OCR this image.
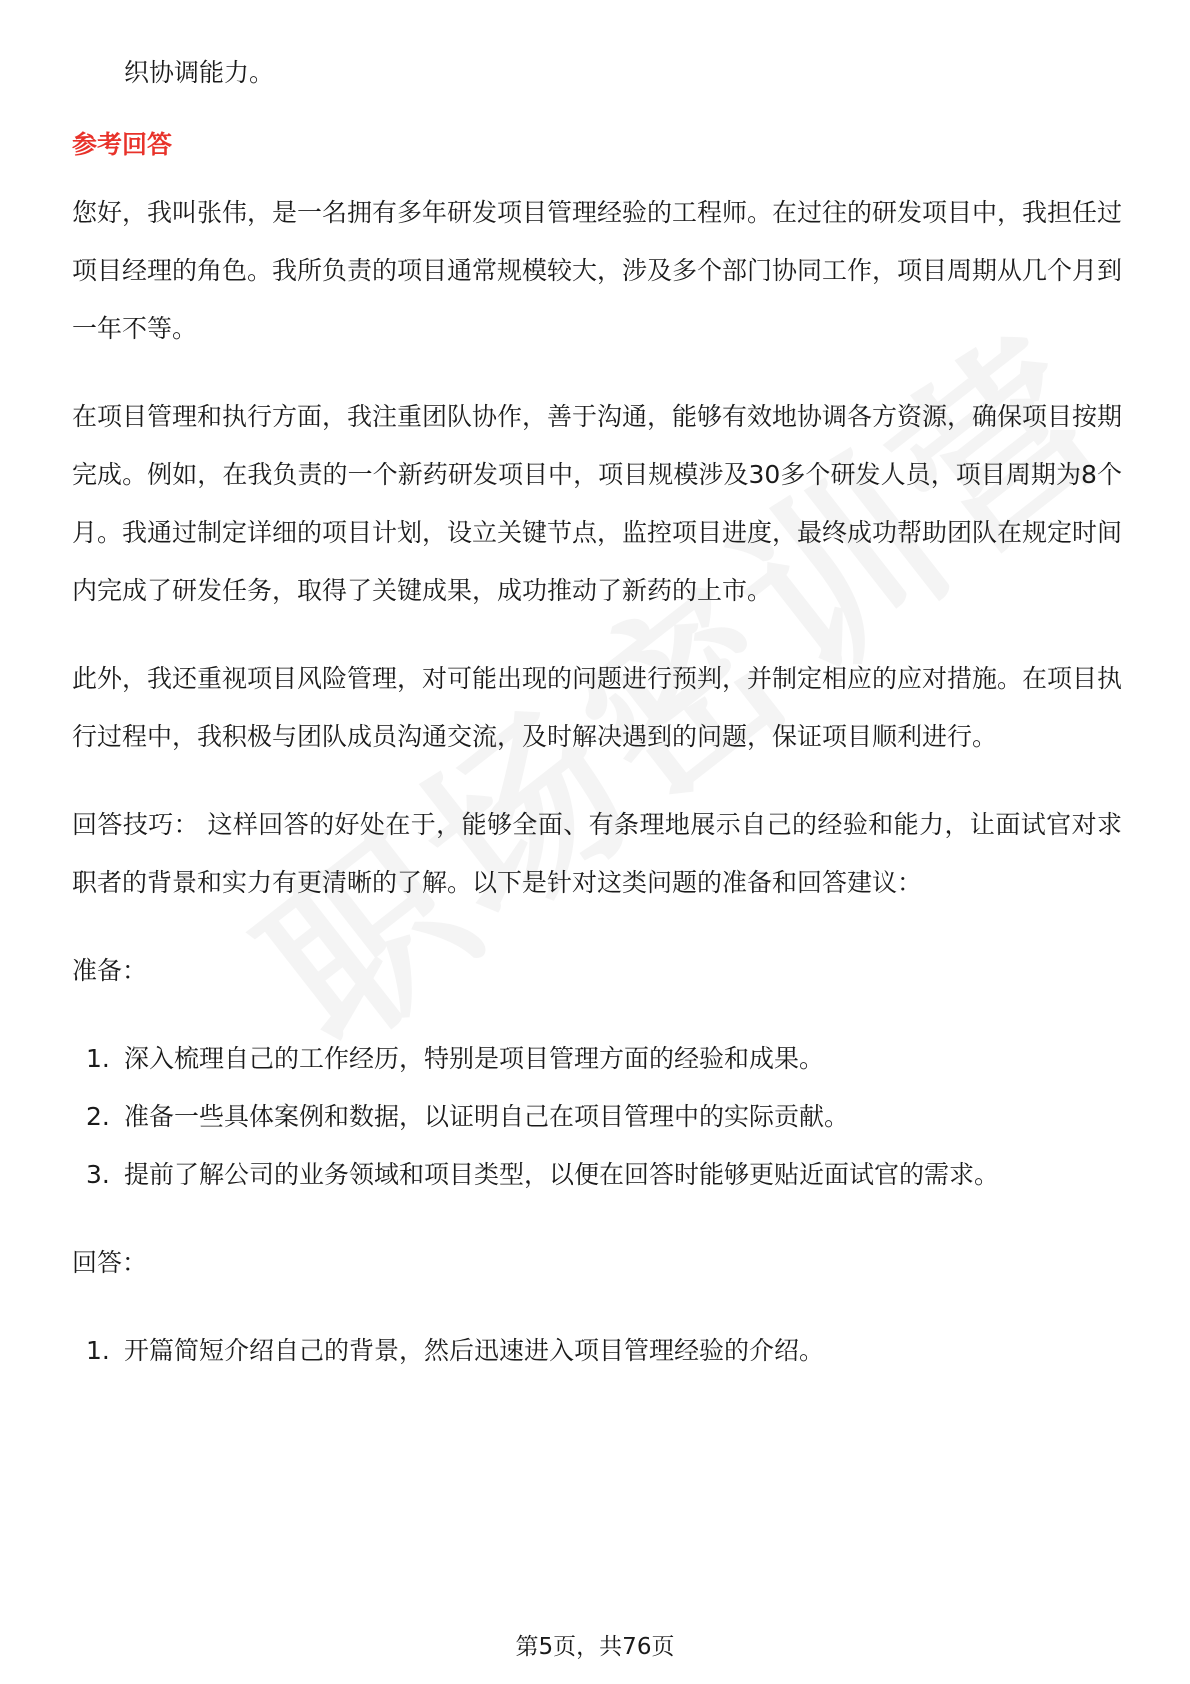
织协调能力。
参考回答

您好，我叫张伟，是一名拥有多年研发项目管理经验的工程师。在过往的研发项目中，我担任过项目经理的角色。我所负责的项目通常规模较大，涉及多个部门协同工作，项目周期从几个月到一年不等。

在项目管理和执行方面，我注重团队协作，善于沟通，能够有效地协调各方资源，确保项目按期完成。例如，在我负责的一个新药研发项目中，项目规模涉及30多个研发人员，项目周期为8个月。我通过制定详细的项目计划，设立关键节点，监控项目进度，最终成功帮助团队在规定时间内完成了研发任务，取得了关键成果，成功推动了新药的上市。

此外，我还重视项目风险管理，对可能出现的问题进行预判，并制定相应的应对措施。在项目执行过程中，我积极与团队成员沟通交流，及时解决遇到的问题，保证项目顺利进行。

回答技巧： 这样回答的好处在于，能够全面、有条理地展示自己的经验和能力，让面试官对求职者的背景和实力有更清晰的了解。以下是针对这类问题的准备和回答建议：

准备：
1. 深入梳理自己的工作经历，特别是项目管理方面的经验和成果。
2. 准备一些具体案例和数据，以证明自己在项目管理中的实际贡献。
3. 提前了解公司的业务领域和项目类型，以便在回答时能够更贴近面试官的需求。
回答：
1. 开篇简短介绍自己的背景，然后迅速进入项目管理经验的介绍。
第5页，共76页
